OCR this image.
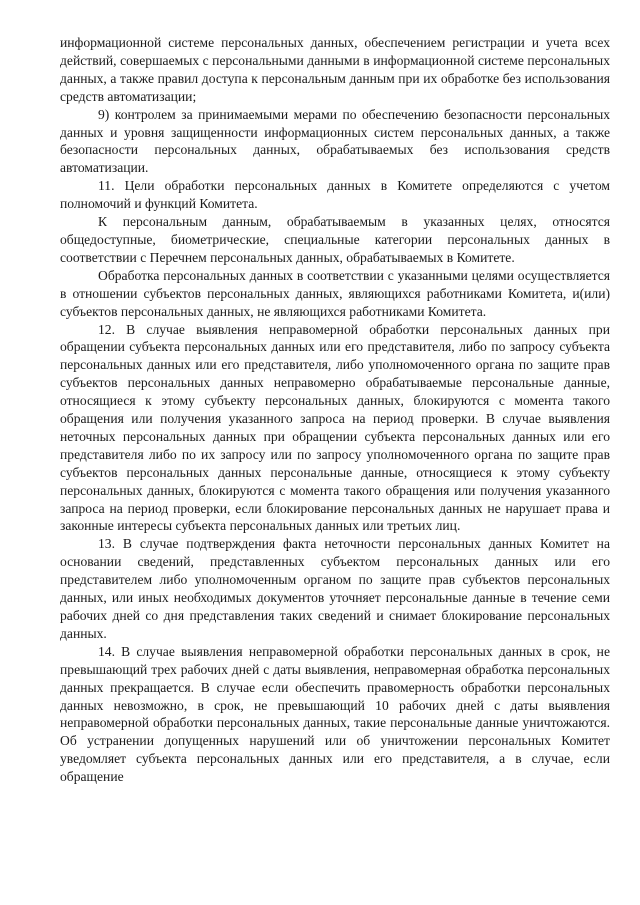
информационной системе персональных данных, обеспечением регистрации и учета всех действий, совершаемых с персональными данными в информационной системе персональных данных, а также правил доступа к персональным данным при их обработке без использования средств автоматизации;

9) контролем за принимаемыми мерами по обеспечению безопасности персональных данных и уровня защищенности информационных систем персональных данных, а также безопасности персональных данных, обрабатываемых без использования средств автоматизации.

11. Цели обработки персональных данных в Комитете определяются с учетом полномочий и функций Комитета.

К персональным данным, обрабатываемым в указанных целях, относятся общедоступные, биометрические, специальные категории персональных данных в соответствии с Перечнем персональных данных, обрабатываемых в Комитете.

Обработка персональных данных в соответствии с указанными целями осуществляется в отношении субъектов персональных данных, являющихся работниками Комитета, и(или) субъектов персональных данных, не являющихся работниками Комитета.

12. В случае выявления неправомерной обработки персональных данных при обращении субъекта персональных данных или его представителя, либо по запросу субъекта персональных данных или его представителя, либо уполномоченного органа по защите прав субъектов персональных данных неправомерно обрабатываемые персональные данные, относящиеся к этому субъекту персональных данных, блокируются с момента такого обращения или получения указанного запроса на период проверки. В случае выявления неточных персональных данных при обращении субъекта персональных данных или его представителя либо по их запросу или по запросу уполномоченного органа по защите прав субъектов персональных данных персональные данные, относящиеся к этому субъекту персональных данных, блокируются с момента такого обращения или получения указанного запроса на период проверки, если блокирование персональных данных не нарушает права и законные интересы субъекта персональных данных или третьих лиц.

13. В случае подтверждения факта неточности персональных данных Комитет на основании сведений, представленных субъектом персональных данных или его представителем либо уполномоченным органом по защите прав субъектов персональных данных, или иных необходимых документов уточняет персональные данные в течение семи рабочих дней со дня представления таких сведений и снимает блокирование персональных данных.

14. В случае выявления неправомерной обработки персональных данных в срок, не превышающий трех рабочих дней с даты выявления, неправомерная обработка персональных данных прекращается. В случае если обеспечить правомерность обработки персональных данных невозможно, в срок, не превышающий 10 рабочих дней с даты выявления неправомерной обработки персональных данных, такие персональные данные уничтожаются. Об устранении допущенных нарушений или об уничтожении персональных Комитет уведомляет субъекта персональных данных или его представителя, а в случае, если обращение
